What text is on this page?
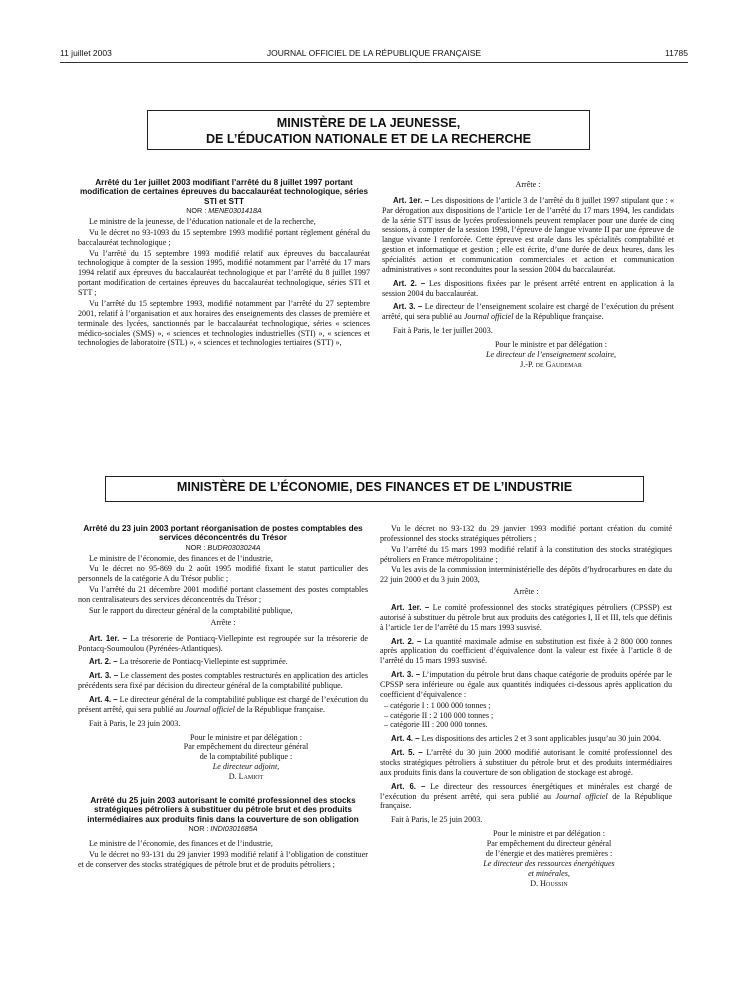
11 juillet 2003	JOURNAL OFFICIEL DE LA RÉPUBLIQUE FRANÇAISE	11785
MINISTÈRE DE LA JEUNESSE,
DE L’ÉDUCATION NATIONALE ET DE LA RECHERCHE

Arrêté du 1er juillet 2003 modifiant l’arrêté du 8 juillet 1997 portant modification de certaines épreuves du baccalauréat technologique, séries STI et STT

NOR : MENE0301418A

Le ministre de la jeunesse, de l’éducation nationale et de la recherche,

Vu le décret no 93-1093 du 15 septembre 1993 modifié portant règlement général du baccalauréat technologique ;

Vu l’arrêté du 15 septembre 1993 modifié relatif aux épreuves du baccalauréat technologique à compter de la session 1995, modifié notamment par l’arrêté du 17 mars 1994 relatif aux épreuves du baccalauréat technologique et par l’arrêté du 8 juillet 1997 portant modification de certaines épreuves du baccalauréat technologique, séries STI et STT ;

Vu l’arrêté du 15 septembre 1993, modifié notamment par l’arrêté du 27 septembre 2001, relatif à l’organisation et aux horaires des enseignements des classes de première et terminale des lycées, sanctionnés par le baccalauréat technologique, séries « sciences médico-sociales (SMS) », « sciences et technologies industrielles (STI) », « sciences et technologies de laboratoire (STL) », « sciences et technologies tertiaires (STT) »,

Arrête :

Art. 1er. – Les dispositions de l’article 3 de l’arrêté du 8 juillet 1997 stipulant que : « Par dérogation aux dispositions de l’article 1er de l’arrêté du 17 mars 1994, les candidats de la série STT issus de lycées professionnels peuvent remplacer pour une durée de cinq sessions, à compter de la session 1998, l’épreuve de langue vivante II par une épreuve de langue vivante I renforcée. Cette épreuve est orale dans les spécialités comptabilité et gestion et informatique et gestion ; elle est écrite, d’une durée de deux heures, dans les spécialités action et communication commerciales et action et communication administratives » sont reconduites pour la session 2004 du baccalauréat.

Art. 2. – Les dispositions fixées par le présent arrêté entrent en application à la session 2004 du baccalauréat.

Art. 3. – Le directeur de l’enseignement scolaire est chargé de l’exécution du présent arrêté, qui sera publié au Journal officiel de la République française.

Fait à Paris, le 1er juillet 2003.

Pour le ministre et par délégation :

Le directeur de l’enseignement scolaire,

J.-P. de Gaudemar

MINISTÈRE DE L’ÉCONOMIE, DES FINANCES ET DE L’INDUSTRIE

Arrêté du 23 juin 2003 portant réorganisation de postes comptables des services déconcentrés du Trésor

NOR : BUDR0303024A

Le ministre de l’économie, des finances et de l’industrie,

Vu le décret no 95-869 du 2 août 1995 modifié fixant le statut particulier des personnels de la catégorie A du Trésor public ;

Vu l’arrêté du 21 décembre 2001 modifié portant classement des postes comptables non centralisateurs des services déconcentrés du Trésor ;

Sur le rapport du directeur général de la comptabilité publique,

Arrête :

Art. 1er. – La trésorerie de Pontiacq-Viellepinte est regroupée sur la trésorerie de Pontacq-Soumoulou (Pyrénées-Atlantiques).

Art. 2. – La trésorerie de Pontiacq-Viellepinte est supprimée.

Art. 3. – Le classement des postes comptables restructurés en application des articles précédents sera fixé par décision du directeur général de la comptabilité publique.

Art. 4. – Le directeur général de la comptabilité publique est chargé de l’exécution du présent arrêté, qui sera publié au Journal officiel de la République française.

Fait à Paris, le 23 juin 2003.

Pour le ministre et par délégation :

Par empêchement du directeur général

de la comptabilité publique :

Le directeur adjoint,

D. Lamiot

Arrêté du 25 juin 2003 autorisant le comité professionnel des stocks stratégiques pétroliers à substituer du pétrole brut et des produits intermédiaires aux produits finis dans la couverture de son obligation

NOR : INDI0301685A

Le ministre de l’économie, des finances et de l’industrie,

Vu le décret no 93-131 du 29 janvier 1993 modifié relatif à l’obligation de constituer et de conserver des stocks stratégiques de pétrole brut et de produits pétroliers ;

Vu le décret no 93-132 du 29 janvier 1993 modifié portant création du comité professionnel des stocks stratégiques pétroliers ;

Vu l’arrêté du 15 mars 1993 modifié relatif à la constitution des stocks stratégiques pétroliers en France métropolitaine ;

Vu les avis de la commission interministérielle des dépôts d’hydrocarbures en date du 22 juin 2000 et du 3 juin 2003,

Arrête :

Art. 1er. – Le comité professionnel des stocks stratégiques pétroliers (CPSSP) est autorisé à substituer du pétrole brut aux produits des catégories I, II et III, tels que définis à l’article 1er de l’arrêté du 15 mars 1993 susvisé.

Art. 2. – La quantité maximale admise en substitution est fixée à 2 800 000 tonnes après application du coefficient d’équivalence dont la valeur est fixée à l’article 8 de l’arrêté du 15 mars 1993 susvisé.

Art. 3. – L’imputation du pétrole brut dans chaque catégorie de produits opérée par le CPSSP sera inférieure ou égale aux quantités indiquées ci-dessous après application du coefficient d’équivalence :

– catégorie I : 1 000 000 tonnes ;

– catégorie II : 2 100 000 tonnes ;

– catégorie III : 200 000 tonnes.

Art. 4. – Les dispositions des articles 2 et 3 sont applicables jusqu’au 30 juin 2004.

Art. 5. – L’arrêté du 30 juin 2000 modifié autorisant le comité professionnel des stocks stratégiques pétroliers à substituer du pétrole brut et des produits intermédiaires aux produits finis dans la couverture de son obligation de stockage est abrogé.

Art. 6. – Le directeur des ressources énergétiques et minérales est chargé de l’exécution du présent arrêté, qui sera publié au Journal officiel de la République française.

Fait à Paris, le 25 juin 2003.

Pour le ministre et par délégation :

Par empêchement du directeur général

de l’énergie et des matières premières :

Le directeur des ressources énergétiques

et minérales,

D. Houssin
